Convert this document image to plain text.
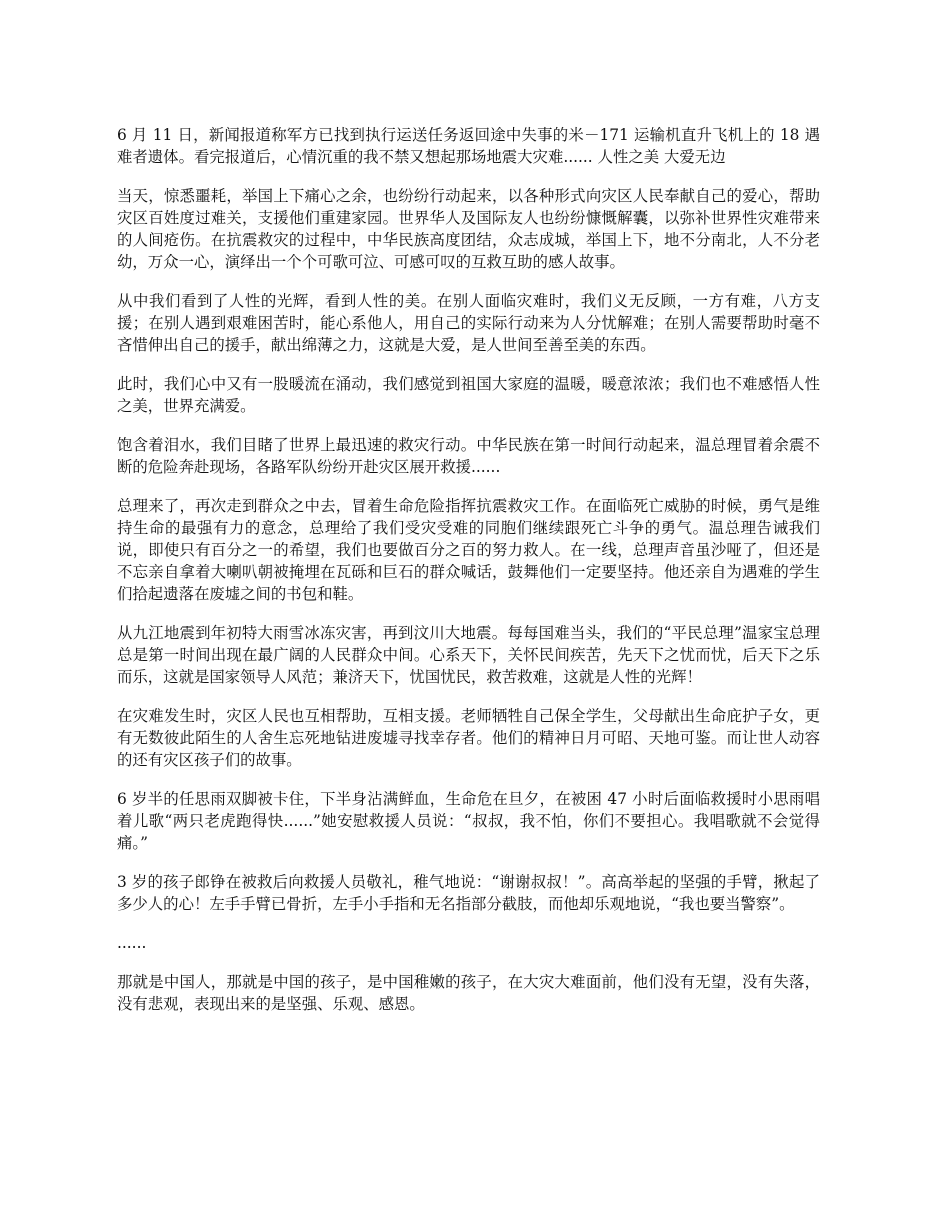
6 月 11 日，新闻报道称军方已找到执行运送任务返回途中失事的米－171 运输机直升飞机上的 18 遇难者遗体。看完报道后，心情沉重的我不禁又想起那场地震大灾难...... 人性之美 大爱无边

当天，惊悉噩耗，举国上下痛心之余，也纷纷行动起来，以各种形式向灾区人民奉献自己的爱心，帮助灾区百姓度过难关，支援他们重建家园。世界华人及国际友人也纷纷慷慨解囊，以弥补世界性灾难带来的人间疮伤。在抗震救灾的过程中，中华民族高度团结，众志成城，举国上下，地不分南北，人不分老幼，万众一心，演绎出一个个可歌可泣、可感可叹的互救互助的感人故事。

从中我们看到了人性的光辉，看到人性的美。在别人面临灾难时，我们义无反顾，一方有难，八方支援；在别人遇到艰难困苦时，能心系他人，用自己的实际行动来为人分忧解难；在别人需要帮助时毫不吝惜伸出自己的援手，献出绵薄之力，这就是大爱，是人世间至善至美的东西。

此时，我们心中又有一股暖流在涌动，我们感觉到祖国大家庭的温暖，暖意浓浓；我们也不难感悟人性之美，世界充满爱。

饱含着泪水，我们目睹了世界上最迅速的救灾行动。中华民族在第一时间行动起来，温总理冒着余震不断的危险奔赴现场，各路军队纷纷开赴灾区展开救援......

总理来了，再次走到群众之中去，冒着生命危险指挥抗震救灾工作。在面临死亡威胁的时候，勇气是维持生命的最强有力的意念，总理给了我们受灾受难的同胞们继续跟死亡斗争的勇气。温总理告诫我们说，即使只有百分之一的希望，我们也要做百分之百的努力救人。在一线，总理声音虽沙哑了，但还是不忘亲自拿着大喇叭朝被掩埋在瓦砾和巨石的群众喊话，鼓舞他们一定要坚持。他还亲自为遇难的学生们拾起遗落在废墟之间的书包和鞋。

从九江地震到年初特大雨雪冰冻灾害，再到汶川大地震。每每国难当头，我们的“平民总理”温家宝总理总是第一时间出现在最广阔的人民群众中间。心系天下，关怀民间疾苦，先天下之忧而忧，后天下之乐而乐，这就是国家领导人风范；兼济天下，忧国忧民，救苦救难，这就是人性的光辉！

在灾难发生时，灾区人民也互相帮助，互相支援。老师牺牲自己保全学生，父母献出生命庇护子女，更有无数彼此陌生的人舍生忘死地钻进废墟寻找幸存者。他们的精神日月可昭、天地可鉴。而让世人动容的还有灾区孩子们的故事。

6 岁半的任思雨双脚被卡住，下半身沾满鲜血，生命危在旦夕，在被困 47 小时后面临救援时小思雨唱着儿歌“两只老虎跑得快......”她安慰救援人员说：“叔叔，我不怕，你们不要担心。我唱歌就不会觉得痛。”

3 岁的孩子郎铮在被救后向救援人员敬礼，稚气地说：“谢谢叔叔！”。高高举起的坚强的手臂，揪起了多少人的心！左手手臂已骨折，左手小手指和无名指部分截肢，而他却乐观地说，“我也要当警察”。

......

那就是中国人，那就是中国的孩子，是中国稚嫩的孩子，在大灾大难面前，他们没有无望，没有失落，没有悲观，表现出来的是坚强、乐观、感恩。
